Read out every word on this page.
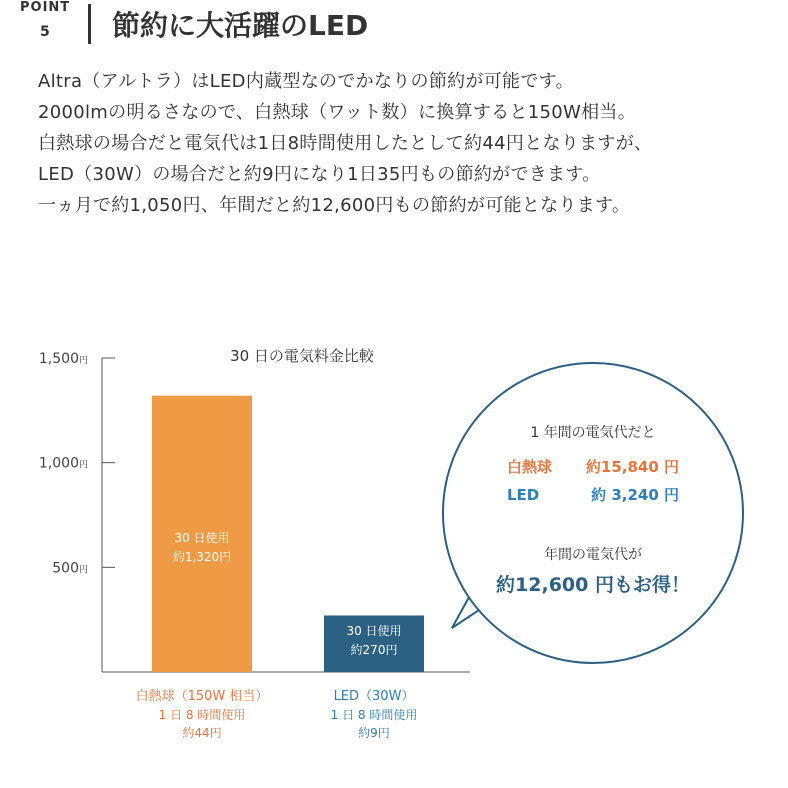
POINT
5 節約に大活躍のLED
Altra（アルトラ）はLED内蔵型なのでかなりの節約が可能です。
2000lmの明るさなので、白熱球（ワット数）に換算すると150W相当。
白熱球の場合だと電気代は1日8時間使用したとして約44円となりますが、
LED（30W）の場合だと約9円になり1日35円もの節約ができます。
一ヵ月で約1,050円、年間だと約12,600円もの節約が可能となります。
500円
1,000円
1,500円	30 日の電気料金比較
30 日使用
約1,320円
白熱球（150W 相当）
1 日 8 時間使用
約44円
30 日使用
約270円
LED（30W）
1 日 8 時間使用
約9円
1 年間の電気代だと
白熱球 約15,840 円
LED	約 3,240 円
年間の電気代が
約12,600 円もお得！
